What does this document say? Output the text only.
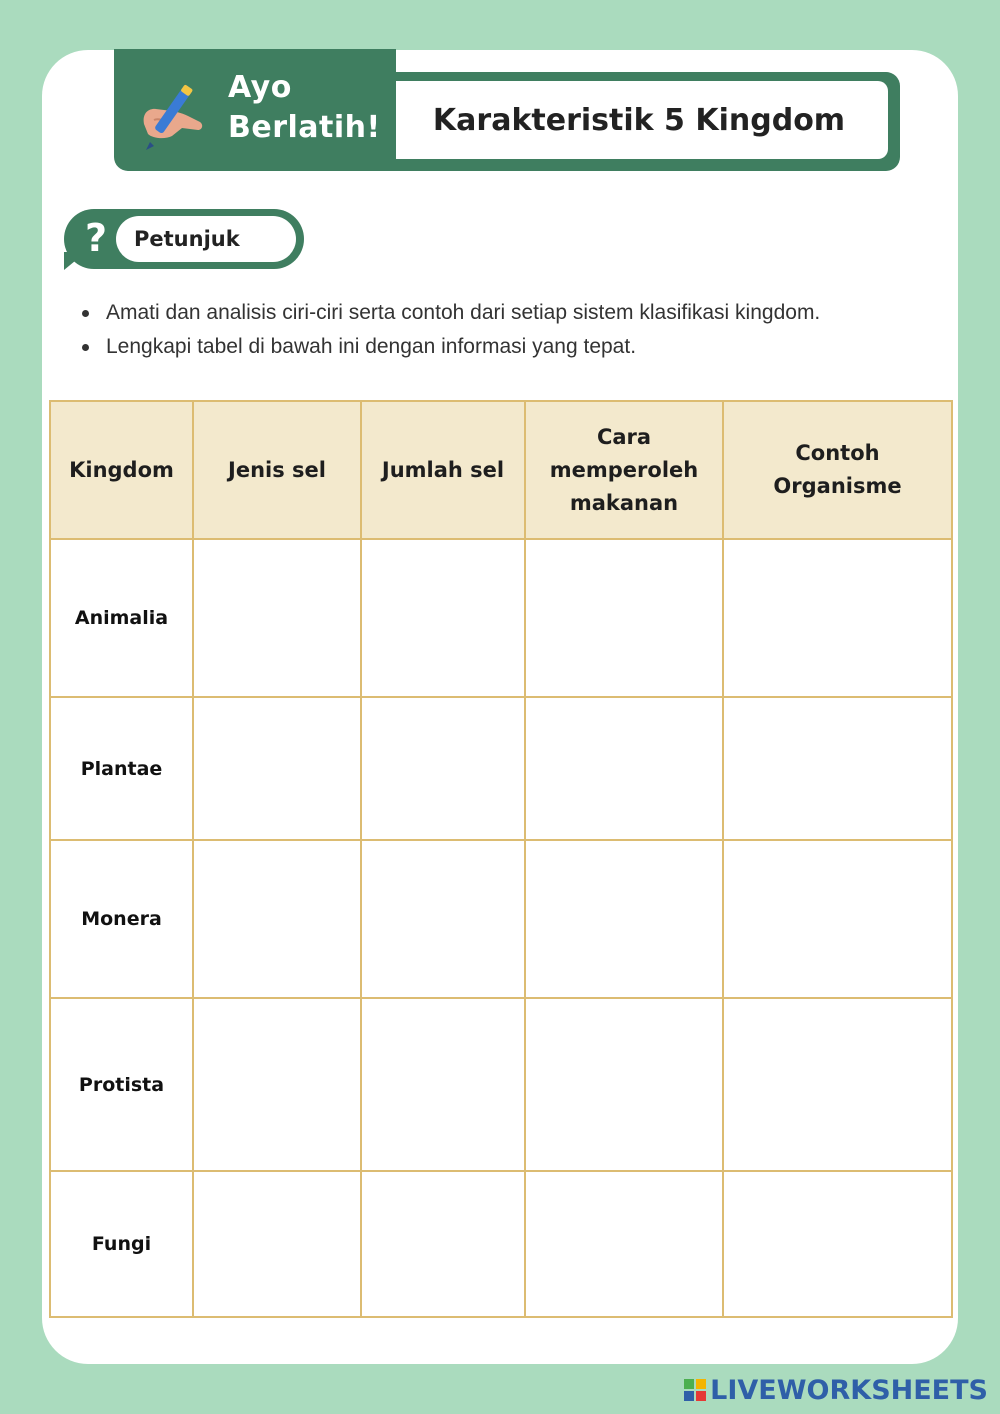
Ayo
Berlatih!	Karakteristik 5 Kingdom
?	Petunjuk
Amati dan analisis ciri-ciri serta contoh dari setiap sistem klasifikasi kingdom.
Lengkapi tabel di bawah ini dengan informasi yang tepat.
Kingdom	Jenis sel	Jumlah sel	Cara memperoleh makanan	Contoh Organisme
Animalia				
Plantae				
Monera				
Protista				
Fungi				
LIVEWORKSHEETS
